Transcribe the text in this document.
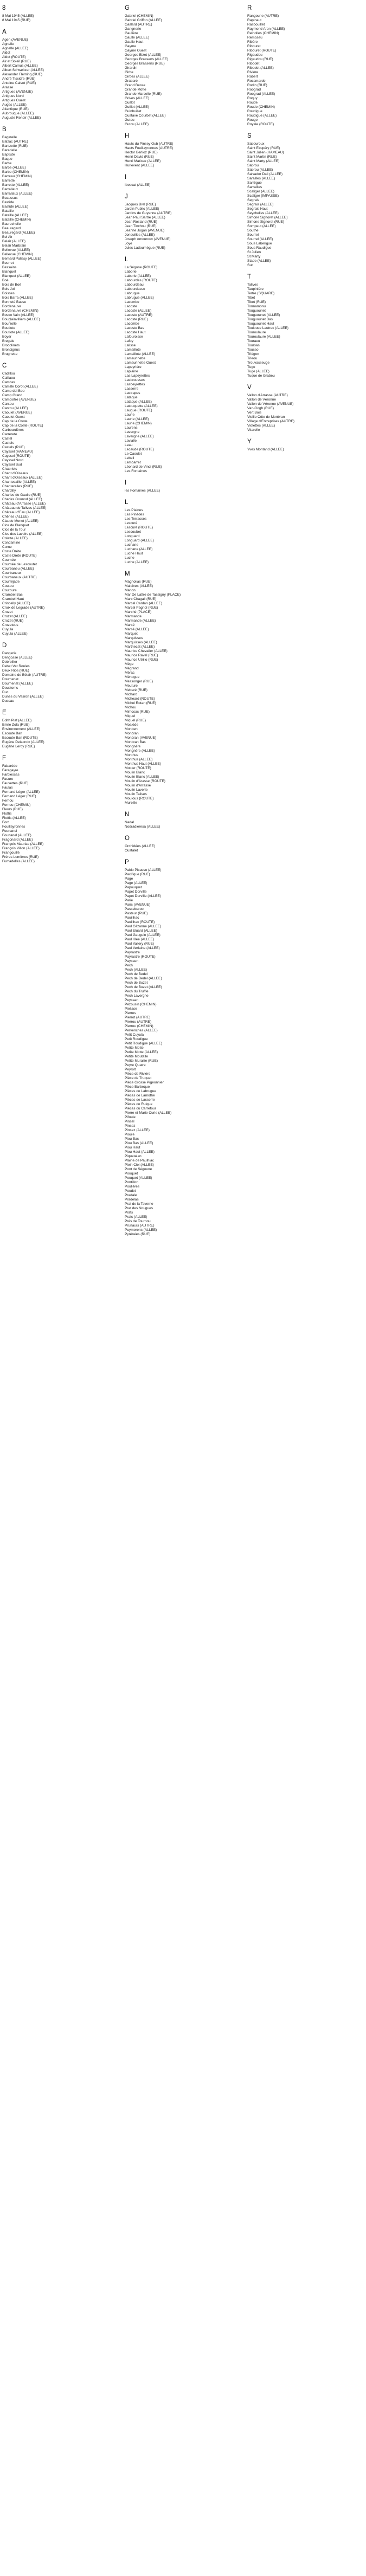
8
8 Mai 1945 (ALLEE)
8 Mai 1945 (RUE)
A
Agen (AVENUE)
Agnelle
Agnelle (ALLEE)
Aldot
Aldot (ROUTE)
Air et Soleil (RUE)
Albert Camus (ALLEE)
Albert Schweitzer (ALLEE)
Alexander Fleming (RUE)
André Tissidre (RUE)
Antoine Calvet (RUE)
Arasse
Artigues (AVENUE)
Artigues Nord
Artigues Ouest
Auges (ALLEE)
Atlantique (RUE)
Aubrouque (ALLEE)
Auguste Renoir (ALLEE)
B
Bagatelle
Balzac (AUTRE)
Banizette (RUE)
Baradelle
Baptiste
Baque
Barbe
Barbe (ALLEE)
Barbe (CHEMIN)
Barreau (CHEMIN)
Barrette
Barrette (ALLEE)
Barrallaux
Barrallaux (ALLEE)
Beaussus
Bastide
Bastide (ALLEE)
Bataille
Bataille (ALLEE)
Bataille (CHEMIN)
Baurechelle
Beauregard
Beauregard (ALLEE)
Bel Air
Belair (ALLEE)
Belair Marbrain
Bellevue (ALLEE)
Bellevue (CHEMIN)
Bernard Palissy (ALLEE)
Beurret
Bessains
Blanquet
Blanquet (ALLEE)
Boé
Bois de Boé
Bois Joli
Boisses
Bois Barra (ALLEE)
Bonneté Basse
Bordenauve
Bordenauve (CHEMIN)
Bosco Vain (ALLEE)
Bouglainvilliers (ALLEE)
Bouniolle
Boutiote
Boutiote (ALLEE)
Boyer
Bregale
Brocolinets
Broncignus
Brugnette
C
Cadillou
Caillaou
Cambes
Camille Corot (ALLEE)
Camp del Boo
Camp Grand
Campistre (AVENUE)
Cantou
Cantou (ALLEE)
Caoulet (AVENUE)
Caoulet Ouest
Cap de la Coste
Cap de la Coste (ROUTE)
Carbourdères
Carrerete
Castel
Castels
Castels (RUE)
Cayssel (HAMEAU)
Cayssel (ROUTE)
Cayssel Nord
Cayssel Sud
Chabriols
Chant d'Oiseaux
Chant d'Oiseaux (ALLEE)
Chantecaille (ALLEE)
Chanterelles (RUE)
Chardilly
Charles de Gaulle (RUE)
Charles Gounod (ALLEE)
Château d'Arrasse (ALLEE)
Château de Talives (ALLEE)
Château d'Eau (ALLEE)
Chênes (ALLEE)
Claude Monet (ALLEE)
Clos de Blanquet
Clos de la Tour
Clos des Lavoirs (ALLEE)
Colette (ALLEE)
Condamine
Corne
Coste Dréte
Coste Dréte (ROUTE)
Cournée
Cournée de Lescoutet
Courbaneu (ALLEE)
Courbaneux
Courbaneux (AUTRE)
Courréjade
Coutou
Coutoure
Crambel Bas
Crambel Haut
Crinbelly (ALLEE)
Croix de Legrade (AUTRE)
Crozet
Crozet (ALLEE)
Crozet (RUE)
Crozetous
Cuyula
Cuyula (ALLEE)
D
Dangerie
Dengossé (ALLEE)
Debroilier
Debat Vet Roules
Deux Rios (RUE)
Domaine de Bélair (AUTRE)
Doumenat
Doumenat (ALLEE)
Doustoms
Duc
Dunes du Vesron (ALLEE)
Dussau
E
Edith Piaf (ALLEE)
Emile Zola (RUE)
Environnement (ALLEE)
Escoute Ban
Escoute Ban (ROUTE)
Eugène Delacroix (ALLEE)
Eugène Leroy (RUE)
F
Fabarède
Faragayre
Farbiessas
Fasure
Fauvettes (RUE)
Faulas
Fernand Léger (ALLEE)
Fernand Léger (RUE)
Fernou
Fernou (CHEMIN)
Fleurs (RUE)
Flottis
Flottis (ALLEE)
Ford
Fouillayronnes
Fourtanel
Fourtanel (ALLEE)
Fragonard (ALLEE)
François Mauriac (ALLEE)
François Villon (ALLEE)
Frangouillé
Frères Lumières (RUE)
Fumadelles (ALLEE)
G
Gabriel (CHEMIN)
Gabriel Griffon (ALLEE)
Gaillard (AUTRE)
Gangnerie
Gaulière
Gaulle (ALLEE)
Gaulle Haut
Gayme
Gayme Ouest
Georges Bizet (ALLEE)
Georges Brassens (ALLEE)
Georges Brassens (RUE)
Girardin
Girbe
Girbes (ALLEE)
Grabaré
Grand Besse
Grande Motte
Grande Marcelle (RUE)
Grives (ALLEE)
Guillot
Guillot (ALLEE)
Guinbuillet
Gustave Courbet (ALLEE)
Gutou
Gutou (ALLEE)
H
Hauts du Pinsey Oub (AUTRE)
Hauts Fouillayronnes (AUTRE)
Hector Berlioz (RUE)
Henri David (RUE)
Henri Matisse (ALLEE)
Hurlevent (ALLEE)
I
Ibescat (ALLEE)
J
Jacques Brel (RUE)
Jardin Public (ALLEE)
Jardins de Guyenne (AUTRE)
Jean Paul Sartre (ALLEE)
Jean Rostand (RUE)
Jean Tinchou (RUE)
Jeanne Jugan (AVENUE)
Jonquilles (ALLEE)
Joseph Amouroux (AVENUE)
Joye
Jules Ladoumègue (RUE)
L
La Ségone (ROUTE)
Laborie
Laborie (ALLEE)
Labourdes (ROUTE)
Labourdeau
Labourdasse
Labrugue
Labrugue (ALLEE)
Lacombe
Lacoste
Lacoste (ALLEE)
Lacoste (AUTRE)
Lacoste (RUE)
Lacombe
Lacoste Bas
Lacoste Haut
Lafouroisse
Lafoy
Lalisse
Lamaillote
Lamaillote (ALLEE)
Lamaurinette
Lamaurinette Ouest
Lapeyrière
Laplaine
Las Lapeyrettes
Lasbrousses
Lasbeyrettes
Lasserre
Lastrapes
Lataque
Lataque (ALLEE)
Latouquette (ALLEE)
Laugue (ROUTE)
Laurie
Laurie (ALLEE)
Laurie (CHEMIN)
Laurens
Lavergne
Lavergne (ALLEE)
Lavialle
Leau
Lecaude (ROUTE)
Le Caoulet
Lebeil
Lembarret
Léonard de Vinci (RUE)
Les Fontaines
I
les Fontaines (ALLEE)
L
Les Plaines
Les Pinèdes
Les Terrasses
Lescuré
Lescuré (ROUTE)
Lescoubet
Longuard
Longuard (ALLEE)
Luchane
Luchane (ALLEE)
Luche Haut
Luche
Luche (ALLEE)
M
Magnolias (RUE)
Maldives (ALLEE)
Manon
Mar De Lattre de Tassigny (PLACE)
Marc Chagall (RUE)
Marcel Cardan (ALLEE)
Marcel Pagnol (RUE)
Marché (PLACE)
Marmande
Marmande (ALLEE)
Marsé
Marsé (ALLEE)
Marquet
Marquisses
Marquisses (ALLEE)
Marthecat (ALLEE)
Maurice Chevalier (ALLEE)
Maurice Ravel (RUE)
Maurice Utrillo (RUE)
Mège
Mégrand
Mérac
Ménogue
Messonger (RUE)
Meuture
Mebaré (RUE)
Michard
Micheard (ROUTE)
Michel Rotan (RUE)
Michou
Mimosas (RUE)
Miquel
Miquel (RUE)
Moalède
Monbert
Monbran
Monbran (AVENUE)
Monbran Bas
Mongnère
Mongnère (ALLEE)
Monthus
Monthus (ALLEE)
Monthus Haut (ALLEE)
Mottier (ROUTE)
Moulin Blanc
Moulin Blanc (ALLEE)
Moulin d'Arasse (ROUTE)
Moulin d'Arrasse
Moulin Laverie
Moulin Talives
Moulous (ROUTE)
Mureille
N
Nadal
Nodradieresa (ALLEE)
O
Orchidées (ALLEE)
Oustalet
P
Pablo Picasso (ALLEE)
Pacifique (RUE)
Page
Page (ALLEE)
Papouquet
Papet Dorville
Papet Dorville (ALLEE)
Parie
Paris (AVENUE)
Passebaroo
Pasteur (RUE)
Pauillhac
Pauillhac (ROUTE)
Paul Cézanne (ALLEE)
Paul Eluard (ALLEE)
Paul Gauguin (ALLEE)
Paul Klee (ALLEE)
Paul Vallery (RUE)
Paul Verlaine (ALLEE)
Payrastre
Payrastre (ROUTE)
Payssen
Pech
Pech (ALLEE)
Pech de Bedel
Pech de Bedel (ALLEE)
Pech de Buzet
Pech de Buzet (ALLEE)
Pech du Truffle
Pech Lavergne
Peyssan
Pézousin (CHEMIN)
Piellase
Pierres
Pierrot (AUTRE)
Pierrou (AUTRE)
Pierrou (CHEMIN)
Pervenches (ALLEE)
Petit Cuyula
Petit Roudigue
Petit Roudigue (ALLEE)
Petite Motte
Petite Motte (ALLEE)
Petite Moutalle
Petite Murailie (RUE)
Peyre Quatre
Peyrolt
Pièce de Rivière
Pièce de Truquet
Pièce Grosse Pigeonnier
Pièce Barbeque
Pièces de Labrugue
Pièces de Lamothe
Pièces de Lasserre
Pièces de Ruique
Pièces du Carrefour
Pierre et Marie Curie (ALLEE)
Pifoule
Pinsel
Pinsez
Pinsez (ALLEE)
Pioule
Piou Bas
Piou Bas (ALLEE)
Piou Haut
Piou Haut (ALLEE)
Piquetalan
Plaine de Paulhiac
Plein Ciel (ALLEE)
Pont de Ségoune
Pouquet
Pouquet (ALLEE)
Pontillon
Pouljéres
Poudet
Pradale
Pradelas
Prat de la Taverne
Prat des Nougues
Prats
Prats (ALLEE)
Prés de Tournou
Prunaurs (AUTRE)
Puymerens (ALLEE)
Pyrénées (RUE)
R
Rangoune (AUTRE)
Rapinaut
Rasbouillet
Raymond Aron (ALLEE)
Reinolles (CHEMIN)
Remoseu
Ribère
Ribouret
Ribouret (ROUTE)
Rigaudou
Rigaudou (RUE)
Ribodet
Ribodet (ALLEE)
Rivière
Robert
Rocamarde
Rodin (RUE)
Roograd
Roograd (ALLEE)
Roquy
Roude
Roude (CHEMIN)
Roudigue
Roudigue (ALLEE)
Rouge
Royale (ROUTE)
S
Sabouroux
Saint Exupéry (RUE)
Saint Julien (HAMEAU)
Saint Martin (RUE)
Saint Marty (ALLEE)
Sabrou
Sabrou (ALLEE)
Salvador Dali (ALLEE)
Sarailles (ALLEE)
Sarrègue
Sarrailles
Scaliger (ALLEE)
Scaliger (IMPASSE)
Segrais
Segrais (ALLEE)
Segrais Haut
Seychelles (ALLEE)
Simone Signoret (ALLEE)
Simone Signoret (RUE)
Sompeut (ALLEE)
Southe
Sourrel
Sourrel (ALLEE)
Sous Laberigue
Sous Raudigue
St Julien
St Marty
Stade (ALLEE)
Suc
T
Talives
Taupinière
Tertre (SQUARE)
Tibet
Tibet (RUE)
Tonnamonu
Touguounet
Touguounet (ALLEE)
Touguounet Bas
Touguounet Haut
Toulouse Lautrec (ALLEE)
Touroulaure
Touroulaure (ALLEE)
Touraeu
Toursas
Tousso
Triègon
Trieou
Trouvasseuge
Tuge
Tuge (ALLEE)
Tuque de Grabeu
V
Vallon d'Arrasse (AUTRE)
Vallon de Véronne
Vallon de Véronne (AVENUE)
Van-Gogh (RUE)
Vert Bois
Vieille Côte de Monbran
Village d'Entreprises (AUTRE)
Violettes (ALLEE)
Vitarelle
Y
Yves Montand (ALLEE)
